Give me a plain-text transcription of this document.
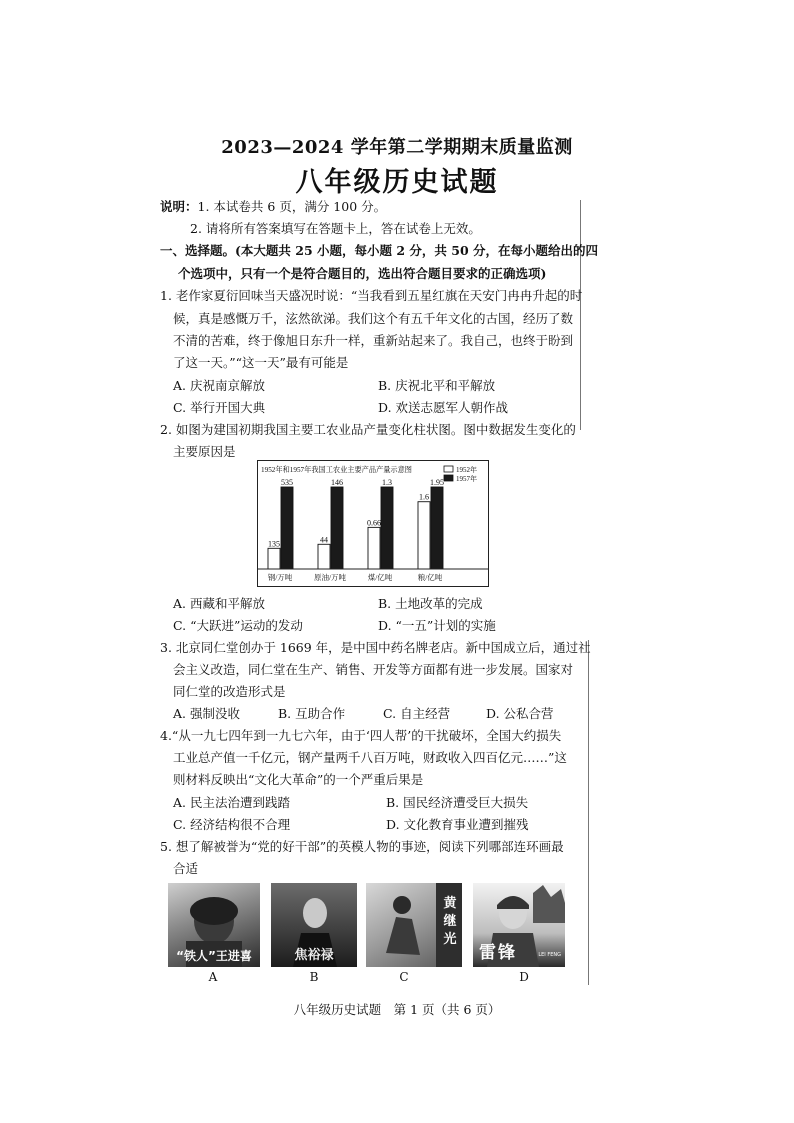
2023—2024 学年第二学期期末质量监测
八年级历史试题
说明：1. 本试卷共 6 页，满分 100 分。
2. 请将所有答案填写在答题卡上，答在试卷上无效。
一、选择题。(本大题共 25 小题，每小题 2 分，共 50 分，在每小题给出的四
个选项中，只有一个是符合题目的，选出符合题目要求的正确选项)
1. 老作家夏衍回味当天盛况时说：“当我看到五星红旗在天安门冉冉升起的时
候，真是感慨万千，泫然欲涕。我们这个有五千年文化的古国，经历了数
不清的苦难，终于像旭日东升一样，重新站起来了。我自己，也终于盼到
了这一天。”“这一天”最有可能是
A. 庆祝南京解放	B. 庆祝北平和平解放
C. 举行开国大典	D. 欢送志愿军人朝作战
2. 如图为建国初期我国主要工农业品产量变化柱状图。图中数据发生变化的
主要原因是
1952年和1957年我国工农业主要产品产量示意图	1952年
1957年
135
535
44
146
0.66
1.3
1.6
1.95
钢/万吨	原油/万吨	煤/亿吨	粮/亿吨
A. 西藏和平解放	B. 土地改革的完成
C. “大跃进”运动的发动	D. “一五”计划的实施
3. 北京同仁堂创办于 1669 年，是中国中药名牌老店。新中国成立后，通过社
会主义改造，同仁堂在生产、销售、开发等方面都有进一步发展。国家对
同仁堂的改造形式是
A. 强制没收	B. 互助合作	C. 自主经营	D. 公私合营
4.“从一九七四年到一九七六年，由于‘四人帮’的干扰破坏，全国大约损失
工业总产值一千亿元，钢产量两千八百万吨，财政收入四百亿元……”这
则材料反映出“文化大革命”的一个严重后果是
A. 民主法治遭到践踏	B. 国民经济遭受巨大损失
C. 经济结构很不合理	D. 文化教育事业遭到摧残
5. 想了解被誉为“党的好干部”的英模人物的事迹，阅读下列哪部连环画最
合适
“铁人”王进喜	焦裕禄
黄继光
雷锋	LEI FENG
A	B	C	D
八年级历史试题　第 1 页（共 6 页）
